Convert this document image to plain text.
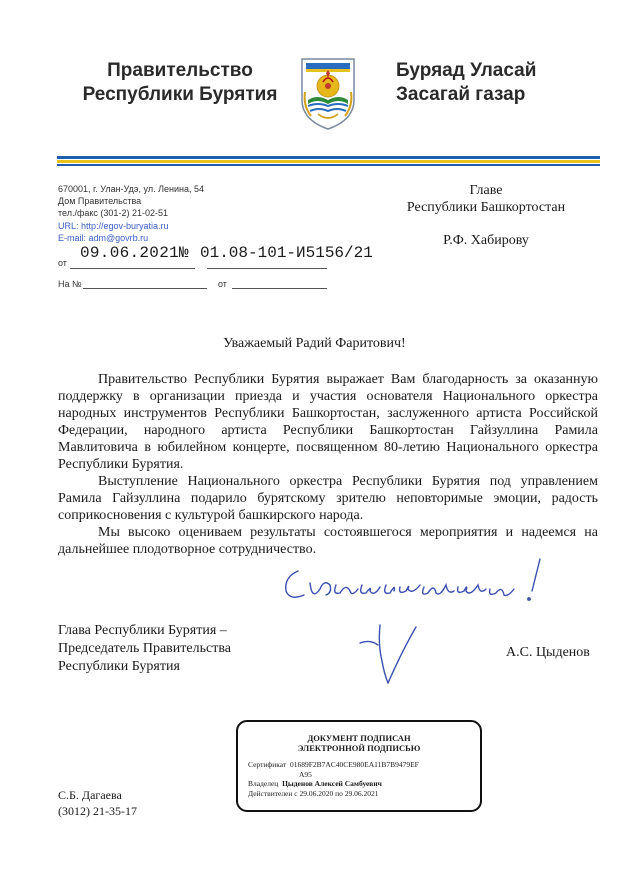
Правительство
Республики Бурятия
Буряад Уласай
Засагай газар
670001, г. Улан-Удэ, ул. Ленина, 54
Дом Правительства
тел./факс (301-2) 21-02-51
URL: http://egov-buryatia.ru
E-mail: adm@govrb.ru
от
09.06.2021 № 01.08-101-И5156/21
На №	от
Главе
Республики Башкортостан
Р.Ф. Хабирову
Уважаемый Радий Фаритович!

Правительство Республики Бурятия выражает Вам благодарность за оказанную поддержку в организации приезда и участия основателя Национального оркестра народных инструментов Республики Башкортостан, заслуженного артиста Российской Федерации, народного артиста Республики Башкортостан Гайзуллина Рамила Мавлитовича в юбилейном концерте, посвященном 80-летию Национального оркестра Республики Бурятия.

Выступление Национального оркестра Республики Бурятия под управлением Рамила Гайзуллина подарило бурятскому зрителю неповторимые эмоции, радость соприкосновения с культурой башкирского народа.

Мы высоко оцениваем результаты состоявшегося мероприятия и надеемся на дальнейшее плодотворное сотрудничество.

Глава Республики Бурятия –
Председатель Правительства
Республики Бурятия
А.С. Цыденов
ДОКУМЕНТ ПОДПИСАН
ЭЛЕКТРОННОЙ ПОДПИСЬЮ
Сертификат 01689F2B7AC40CE980EA11B7B9479EF
A95
Владелец Цыденов Алексей Самбуевич
Действителен с 29.06.2020 по 29.06.2021
С.Б. Дагаева
(3012) 21-35-17
